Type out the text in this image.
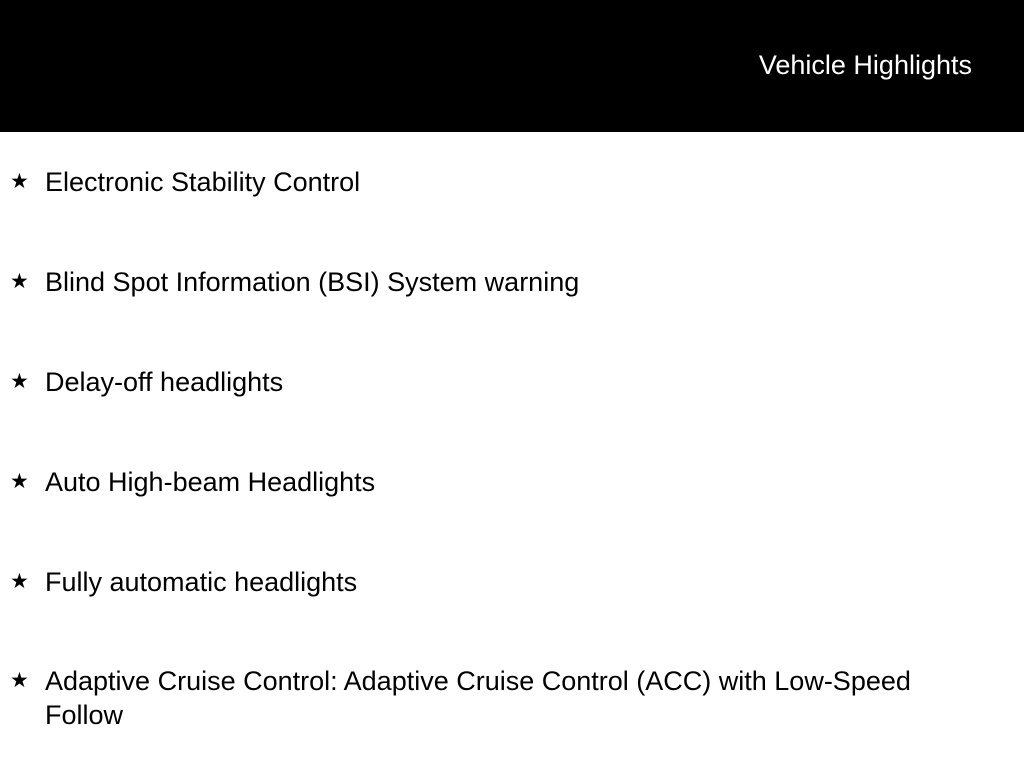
Vehicle Highlights
★ Electronic Stability Control
★ Blind Spot Information (BSI) System warning
★ Delay-off headlights
★ Auto High-beam Headlights
★ Fully automatic headlights
★ Adaptive Cruise Control: Adaptive Cruise Control (ACC) with Low-Speed Follow
